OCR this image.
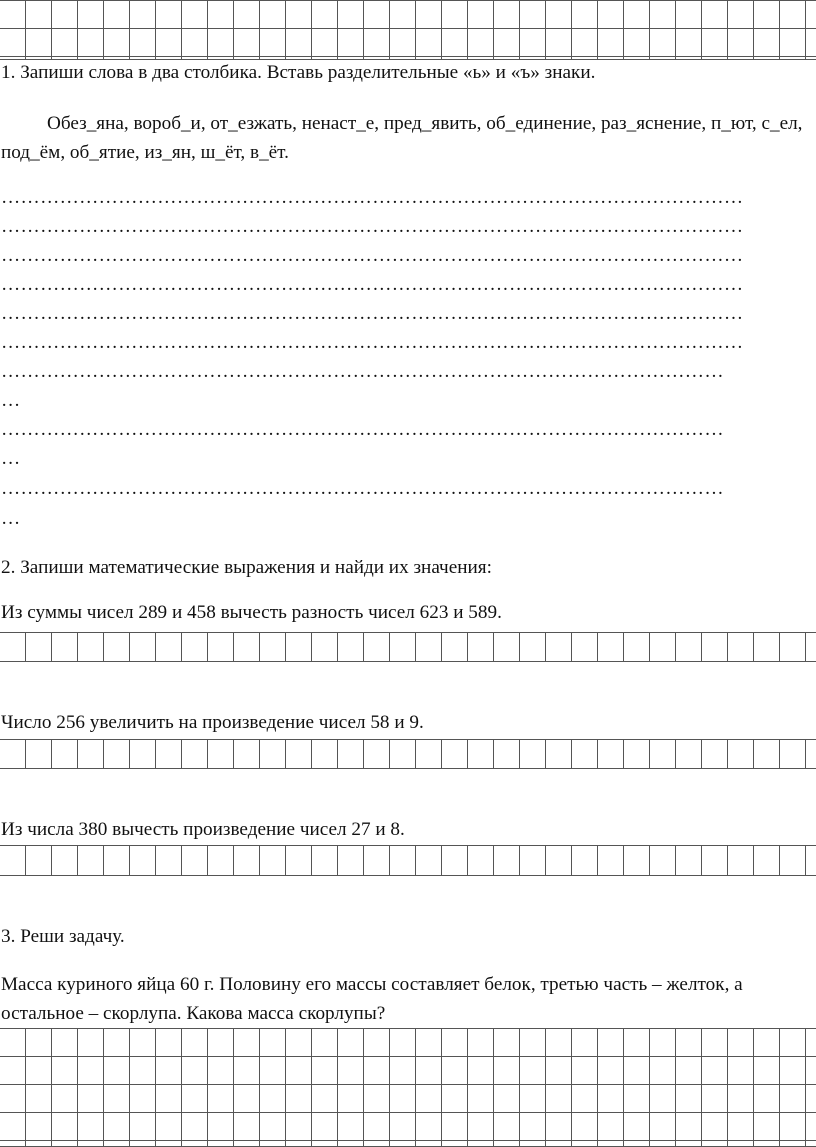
1. Запиши слова в два столбика. Вставь разделительные «ь» и «ъ» знаки.

Обез_яна, вороб_и, от_езжать, ненаст_е, пред_явить, об_единение, раз_яснение, п_ют, с_ел, под_ём, об_ятие, из_ян, ш_ёт, в_ёт.

……………………………………………………………………………………………………
……………………………………………………………………………………………………
……………………………………………………………………………………………………
……………………………………………………………………………………………………
……………………………………………………………………………………………………
……………………………………………………………………………………………………
…………………………………………………………………………………………………
…
…………………………………………………………………………………………………
…
…………………………………………………………………………………………………
…

2. Запиши математические выражения и найди их значения:

Из суммы чисел 289 и 458 вычесть разность чисел 623 и 589.

Число 256 увеличить на произведение чисел 58 и 9.

Из числа 380 вычесть произведение чисел 27 и 8.

3. Реши задачу.

Масса куриного яйца 60 г. Половину его массы составляет белок, третью часть – желток, а остальное – скорлупа. Какова масса скорлупы?
